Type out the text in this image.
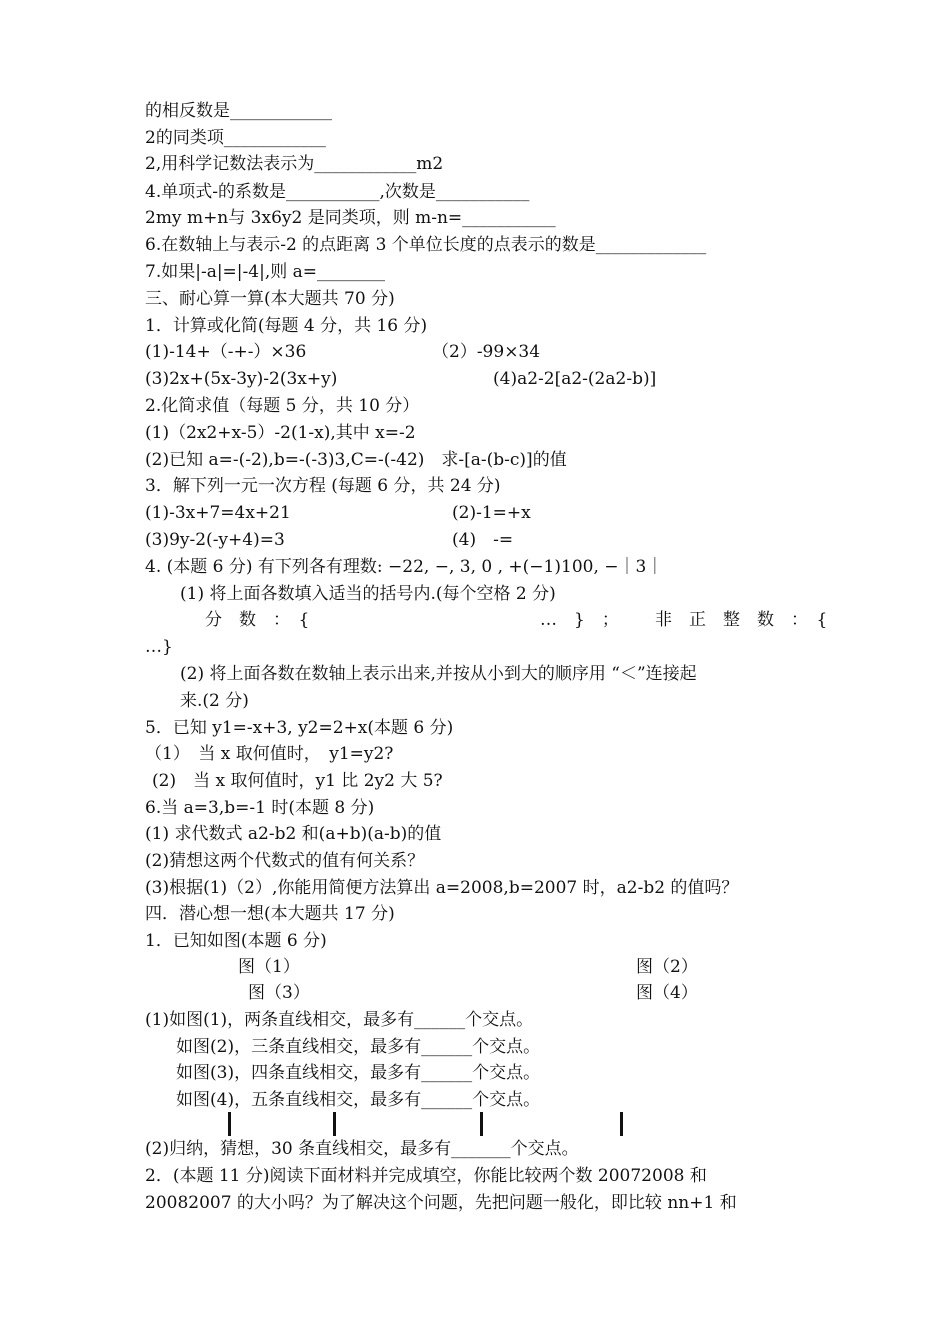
的相反数是____________
2的同类项____________
2,用科学记数法表示为____________m2
4.单项式-的系数是___________,次数是___________
2my m+n与 3x6y2 是同类项，则 m-n=___________
6.在数轴上与表示-2 的点距离 3 个单位长度的点表示的数是_____________
7.如果|-a|=|-4|,则 a=________
三、耐心算一算(本大题共 70 分)
1．计算或化简(每题 4 分，共 16 分)
(1)-14+（-+-）×36	（2）-99×34
(3)2x+(5x-3y)-2(3x+y)	(4)a2-2[a2-(2a2-b)]
2.化简求值（每题 5 分，共 10 分）
(1)（2x2+x-5）-2(1-x),其中 x=-2
(2)已知 a=-(-2),b=-(-3)3,C=-(-42)　求-[a-(b-c)]的值
3．解下列一元一次方程 (每题 6 分，共 24 分)
(1)-3x+7=4x+21	(2)-1=+x
(3)9y-2(-y+4)=3	(4)　-=
4. (本题 6 分) 有下列各有理数: −22, −, 3, 0 , +(−1)100, −｜3｜
(1) 将上面各数填入适当的括号内.(每个空格 2 分)
分　数　：　{	…　}　； 非　正　整　数　：　{
…}
(2) 将上面各数在数轴上表示出来,并按从小到大的顺序用 “＜”连接起
来.(2 分)
5．已知 y1=-x+3, y2=2+x(本题 6 分)
（1）　当 x 取何值时，　y1=y2?
(2)　当 x 取何值时，y1 比 2y2 大 5?
6.当 a=3,b=-1 时(本题 8 分)
(1) 求代数式 a2-b2 和(a+b)(a-b)的值
(2)猜想这两个代数式的值有何关系？
(3)根据(1)（2）,你能用简便方法算出 a=2008,b=2007 时，a2-b2 的值吗？
四．潜心想一想(本大题共 17 分)
1．已知如图(本题 6 分)
图（1）	图（2）
图（3）	图（4）
(1)如图(1)，两条直线相交，最多有______个交点。
如图(2)，三条直线相交，最多有______个交点。
如图(3)，四条直线相交，最多有______个交点。
如图(4)，五条直线相交，最多有______个交点。
(2)归纳，猜想，30 条直线相交，最多有_______个交点。
2．(本题 11 分)阅读下面材料并完成填空，你能比较两个数 20072008 和
20082007 的大小吗？为了解决这个问题，先把问题一般化，即比较 nn+1 和
